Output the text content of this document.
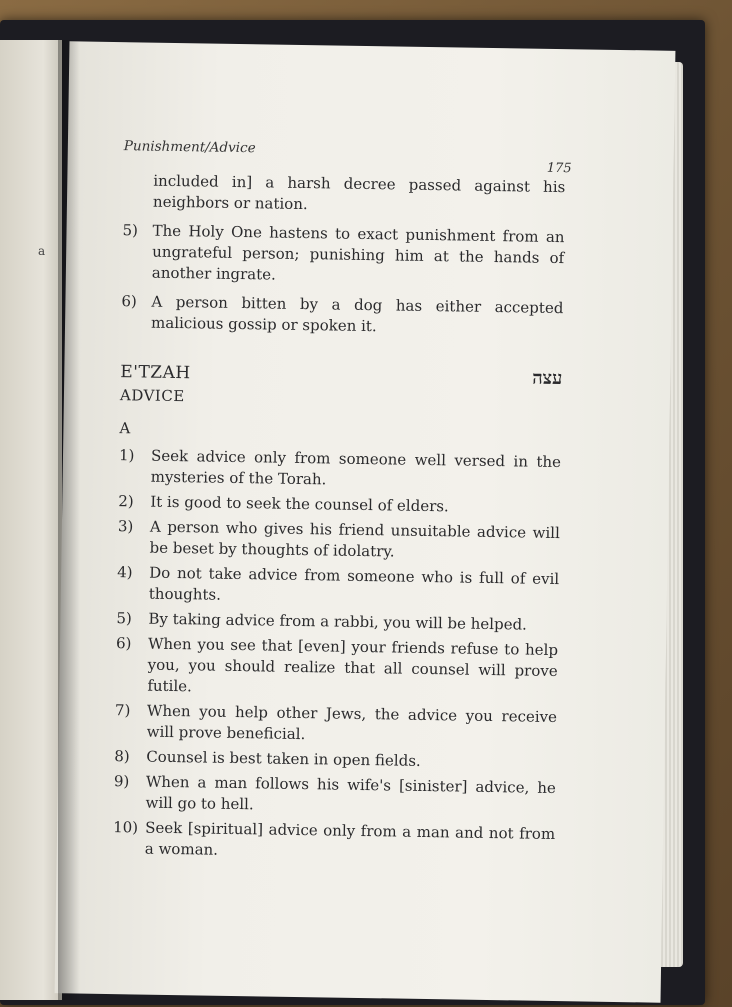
a
Punishment/Advice
175

included in] a harsh decree passed against his neighbors or nation.

5) The Holy One hastens to exact punishment from an ungrateful person; punishing him at the hands of another ingrate.
6) A person bitten by a dog has either accepted malicious gossip or spoken it.
E'TZAH	עצה
ADVICE
A
1)	Seek advice only from someone well versed in the mysteries of the Torah.
2)	It is good to seek the counsel of elders.
3)	A person who gives his friend unsuitable advice will be beset by thoughts of idolatry.
4)	Do not take advice from someone who is full of evil thoughts.
5)	By taking advice from a rabbi, you will be helped.
6)	When you see that [even] your friends refuse to help you, you should realize that all counsel will prove futile.
7)	When you help other Jews, the advice you receive will prove beneficial.
8)	Counsel is best taken in open fields.
9)	When a man follows his wife's [sinister] advice, he will go to hell.
10) Seek [spiritual] advice only from a man and not from a woman.
